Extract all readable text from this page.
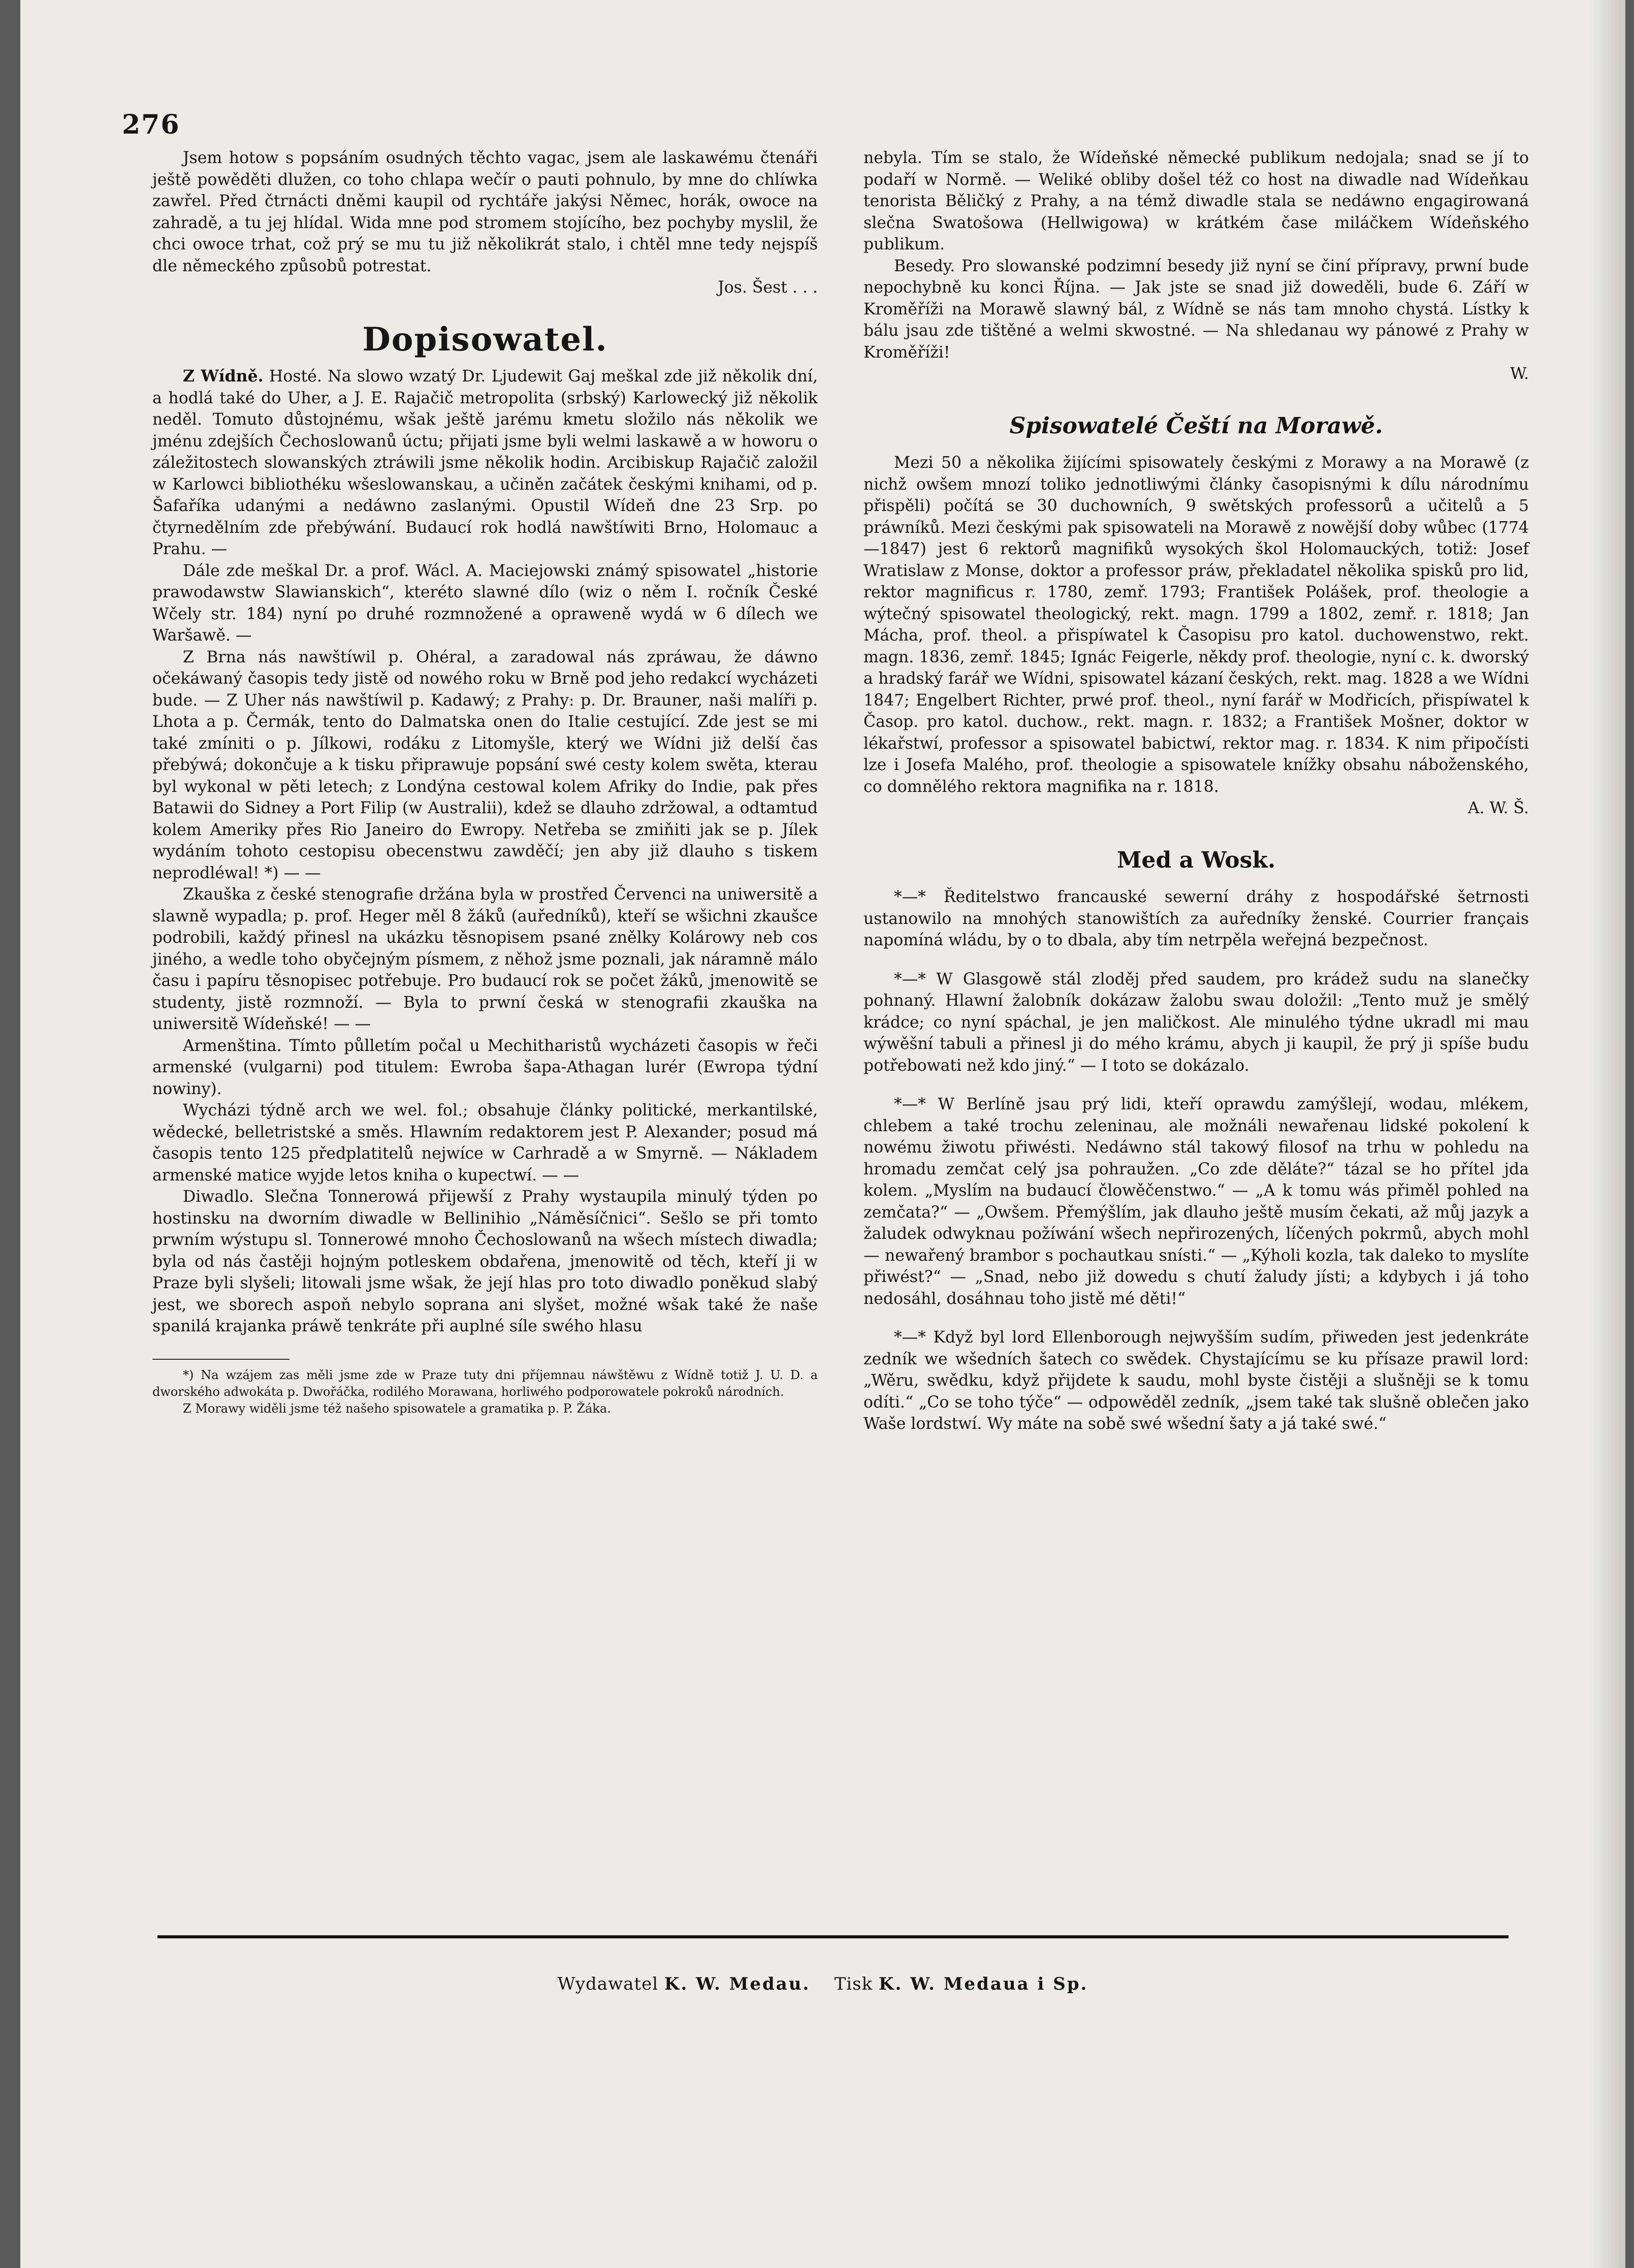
276

Jsem hotow s popsáním osudných těchto vagac, jsem ale laskawému čtenáři ještě powěděti dlužen, co toho chlapa wečír o pauti pohnulo, by mne do chlíwka zawřel. Před čtrnácti dněmi kaupil od rychtáře jakýsi Němec, horák, owoce na zahradě, a tu jej hlídal. Wida mne pod stromem stojícího, bez pochyby myslil, že chci owoce trhat, což prý se mu tu již několikrát stalo, i chtěl mne tedy nejspíš dle německého způsobů potrestat.

Jos. Šest . . .
Dopisowatel.

Z Wídně. Hosté. Na slowo wzatý Dr. Ljudewit Gaj meškal zde již několik dní, a hodlá také do Uher, a J. E. Rajačič metropolita (srbský) Karlowecký již několik neděl. Tomuto důstojnému, wšak ještě jarému kmetu složilo nás několik we jménu zdejších Čechoslowanů úctu; přijati jsme byli welmi laskawě a w howoru o záležitostech slowanských ztráwili jsme několik hodin. Arcibiskup Rajačič založil w Karlowci bibliothéku wšeslowanskau, a učiněn začátek českými knihami, od p. Šafaříka udanými a nedáwno zaslanými. Opustil Wídeň dne 23 Srp. po čtyrnedělním zde přebýwání. Budaucí rok hodlá nawštíwiti Brno, Holomauc a Prahu. —

Dále zde meškal Dr. a prof. Wácl. A. Maciejowski známý spisowatel „historie prawodawstw Slawianskich“, kteréto slawné dílo (wiz o něm I. ročník České Wčely str. 184) nyní po druhé rozmnožené a opraweně wydá w 6 dílech we Waršawě. —

Z Brna nás nawštíwil p. Ohéral, a zaradowal nás zpráwau, že dáwno očekáwaný časopis tedy jistě od nowého roku w Brně pod jeho redakcí wycházeti bude. — Z Uher nás nawštíwil p. Kadawý; z Prahy: p. Dr. Brauner, naši malíři p. Lhota a p. Čermák, tento do Dalmatska onen do Italie cestující. Zde jest se mi také zmíniti o p. Jílkowi, rodáku z Litomyšle, který we Wídni již delší čas přebýwá; dokončuje a k tisku připrawuje popsání swé cesty kolem swěta, kterau byl wykonal w pěti letech; z Londýna cestowal kolem Afriky do Indie, pak přes Batawii do Sidney a Port Filip (w Australii), kdež se dlauho zdržowal, a odtamtud kolem Ameriky přes Rio Janeiro do Ewropy. Netřeba se zmiňiti jak se p. Jílek wydáním tohoto cestopisu obecenstwu zawděčí; jen aby již dlauho s tiskem neprodléwal! *) — —

Zkauška z české stenografie držána byla w prostřed Červenci na uniwersitě a slawně wypadla; p. prof. Heger měl 8 žáků (auředníků), kteří se wšichni zkaušce podrobili, každý přinesl na ukázku těsnopisem psané znělky Kolárowy neb cos jiného, a wedle toho obyčejným písmem, z něhož jsme poznali, jak náramně málo času i papíru těsnopisec potřebuje. Pro budaucí rok se počet žáků, jmenowitě se studenty, jistě rozmnoží. — Byla to prwní česká w stenografii zkauška na uniwersitě Wídeňské! — —

Armenština. Tímto půlletím počal u Mechitharistů wycházeti časopis w řeči armenské (vulgarni) pod titulem: Ewroba šapa-Athagan lurér (Ewropa týdní nowiny).

Wycházi týdně arch we wel. fol.; obsahuje články politické, merkantilské, wědecké, belletristské a směs. Hlawním redaktorem jest P. Alexander; posud má časopis tento 125 předplatitelů nejwíce w Carhradě a w Smyrně. — Nákladem armenské matice wyjde letos kniha o kupectwí. — —

Diwadlo. Slečna Tonnerowá přijewší z Prahy wystaupila minulý týden po hostinsku na dworním diwadle w Bellinihio „Náměsíčnici“. Sešlo se při tomto prwním wýstupu sl. Tonnerowé mnoho Čechoslowanů na wšech místech diwadla; byla od nás častěji hojným potleskem obdařena, jmenowitě od těch, kteří ji w Praze byli slyšeli; litowali jsme wšak, že její hlas pro toto diwadlo poněkud slabý jest, we sborech aspoň nebylo soprana ani slyšet, možné wšak také že naše spanilá krajanka práwě tenkráte při auplné síle swého hlasu

*) Na wzájem zas měli jsme zde w Praze tuty dni příjemnau náwštěwu z Wídně totiž J. U. D. a dworského adwokáta p. Dwořáčka, rodilého Morawana, horliwého podporowatele pokroků národních.

Z Morawy widěli jsme též našeho spisowatele a gramatika p. P. Žáka.

nebyla. Tím se stalo, že Wídeňské německé publikum nedojala; snad se jí to podaří w Normě. — Weliké obliby došel též co host na diwadle nad Wídeňkau tenorista Běličký z Prahy, a na témž diwadle stala se nedáwno engagirowaná slečna Swatošowa (Hellwigowa) w krátkém čase miláčkem Wídeňského publikum.

Besedy. Pro slowanské podzimní besedy již nyní se činí přípravy, prwní bude nepochybně ku konci Října. — Jak jste se snad již doweděli, bude 6. Září w Kroměříži na Morawě slawný bál, z Wídně se nás tam mnoho chystá. Lístky k bálu jsau zde tištěné a welmi skwostné. — Na shledanau wy pánowé z Prahy w Kroměříži!

W.
Spisowatelé Čeští na Morawě.

Mezi 50 a několika žijícími spisowately českými z Morawy a na Morawě (z nichž owšem mnozí toliko jednotliwými články časopisnými k dílu národnímu přispěli) počítá se 30 duchowních, 9 swětských professorů a učitelů a 5 práwníků. Mezi českými pak spisowateli na Morawě z nowější doby wůbec (1774—1847) jest 6 rektorů magnifiků wysokých škol Holomauckých, totiž: Josef Wratislaw z Monse, doktor a professor práw, překladatel několika spisků pro lid, rektor magnificus r. 1780, zemř. 1793; František Polášek, prof. theologie a wýtečný spisowatel theologický, rekt. magn. 1799 a 1802, zemř. r. 1818; Jan Mácha, prof. theol. a přispíwatel k Časopisu pro katol. duchowenstwo, rekt. magn. 1836, zemř. 1845; Ignác Feigerle, někdy prof. theologie, nyní c. k. dworský a hradský farář we Wídni, spisowatel kázaní českých, rekt. mag. 1828 a we Wídni 1847; Engelbert Richter, prwé prof. theol., nyní farář w Modřicích, přispíwatel k Časop. pro katol. duchow., rekt. magn. r. 1832; a František Mošner, doktor w lékařstwí, professor a spisowatel babictwí, rektor mag. r. 1834. K nim připočísti lze i Josefa Malého, prof. theologie a spisowatele knížky obsahu náboženského, co domnělého rektora magnifika na r. 1818.

A. W. Š.
Med a Wosk.

*—* Ředitelstwo francauské sewerní dráhy z hospodářské šetrnosti ustanowilo na mnohých stanowištích za auředníky ženské. Courrier français napomíná wládu, by o to dbala, aby tím netrpěla weřejná bezpečnost.

*—* W Glasgowě stál zloděj před saudem, pro krádež sudu na slanečky pohnaný. Hlawní žalobník dokázaw žalobu swau doložil: „Tento muž je smělý krádce; co nyní spáchal, je jen maličkost. Ale minulého týdne ukradl mi mau wýwěšní tabuli a přinesl ji do mého krámu, abych ji kaupil, že prý ji spíše budu potřebowati než kdo jiný.“ — I toto se dokázalo.

*—* W Berlíně jsau prý lidi, kteří oprawdu zamýšlejí, wodau, mlékem, chlebem a také trochu zeleninau, ale možnáli newařenau lidské pokolení k nowému žiwotu přiwésti. Nedáwno stál takowý filosof na trhu w pohledu na hromadu zemčat celý jsa pohraužen. „Co zde děláte?“ tázal se ho přítel jda kolem. „Myslím na budaucí člowěčenstwo.“ — „A k tomu wás přiměl pohled na zemčata?“ — „Owšem. Přemýšlím, jak dlauho ještě musím čekati, až můj jazyk a žaludek odwyknau požíwání wšech nepřirozených, líčených pokrmů, abych mohl — newařený brambor s pochautkau snísti.“ — „Kýholi kozla, tak daleko to myslíte přiwést?“ — „Snad, nebo již dowedu s chutí žaludy jísti; a kdybych i já toho nedosáhl, dosáhnau toho jistě mé děti!“

*—* Když byl lord Ellenborough nejwyšším sudím, přiweden jest jedenkráte zedník we wšedních šatech co swědek. Chystajícímu se ku přísaze prawil lord: „Wěru, swědku, když přijdete k saudu, mohl byste čistěji a slušněji se k tomu odíti.“ „Co se toho týče“ — odpowěděl zedník, „jsem také tak slušně oblečen jako Waše lordstwí. Wy máte na sobě swé wšední šaty a já také swé.“

Wydawatel K. W. Medau. Tisk K. W. Medaua i Sp.
